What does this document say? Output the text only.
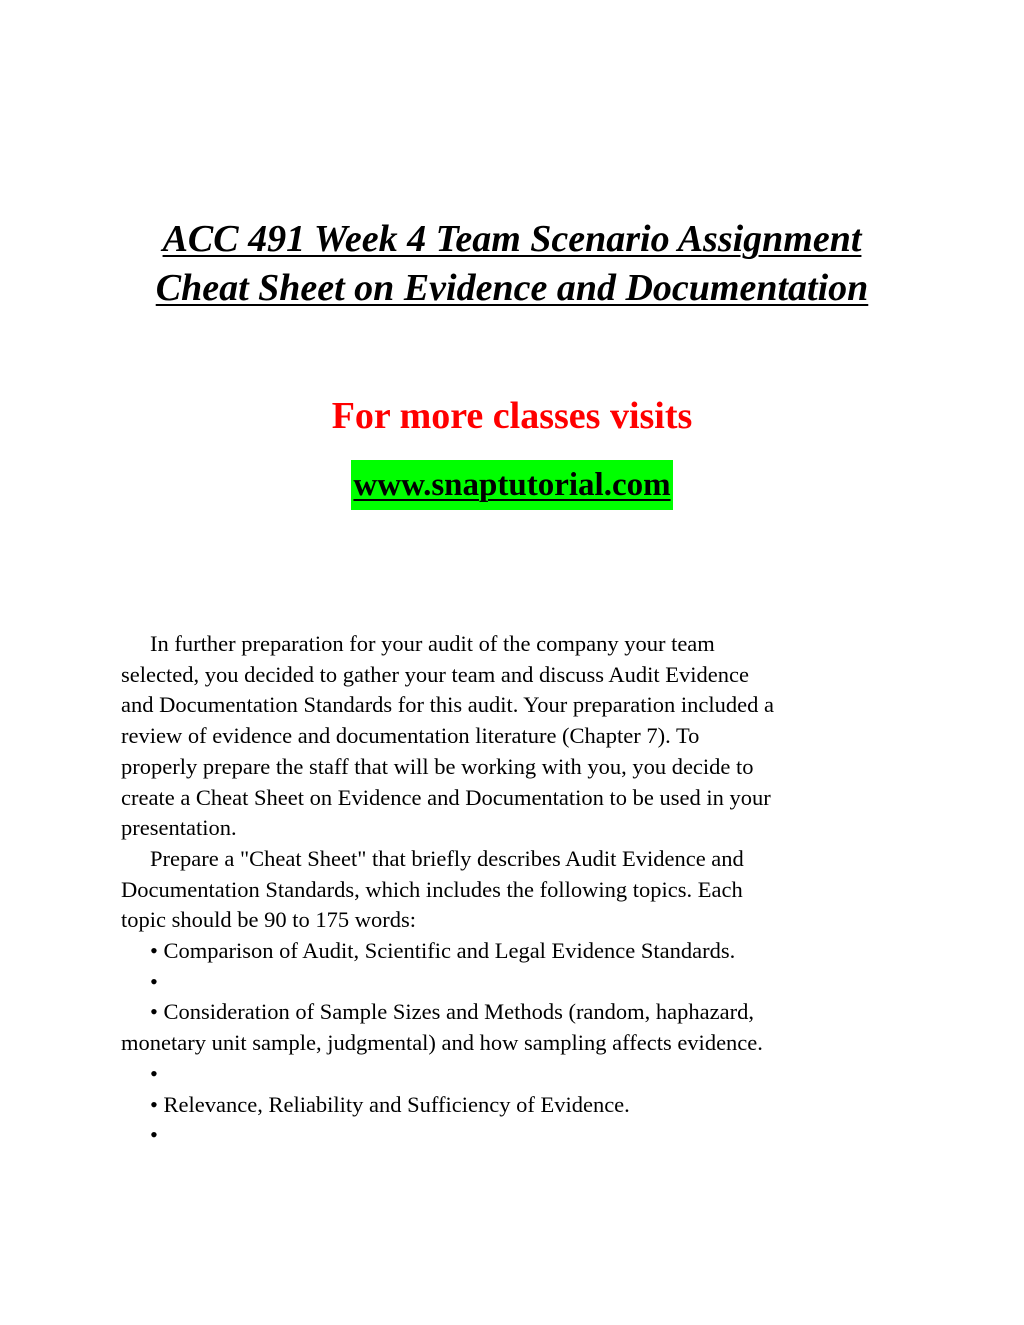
ACC 491 Week 4 Team Scenario Assignment
Cheat Sheet on Evidence and Documentation
For more classes visits
www.snaptutorial.com

In further preparation for your audit of the company your team
selected, you decided to gather your team and discuss Audit Evidence
and Documentation Standards for this audit. Your preparation included a
review of evidence and documentation literature (Chapter 7). To
properly prepare the staff that will be working with you, you decide to
create a Cheat Sheet on Evidence and Documentation to be used in your
presentation.

Prepare a "Cheat Sheet" that briefly describes Audit Evidence and
Documentation Standards, which includes the following topics. Each
topic should be 90 to 175 words:

• Comparison of Audit, Scientific and Legal Evidence Standards.
•
• Consideration of Sample Sizes and Methods (random, haphazard,
monetary unit sample, judgmental) and how sampling affects evidence.
•
• Relevance, Reliability and Sufficiency of Evidence.
•
